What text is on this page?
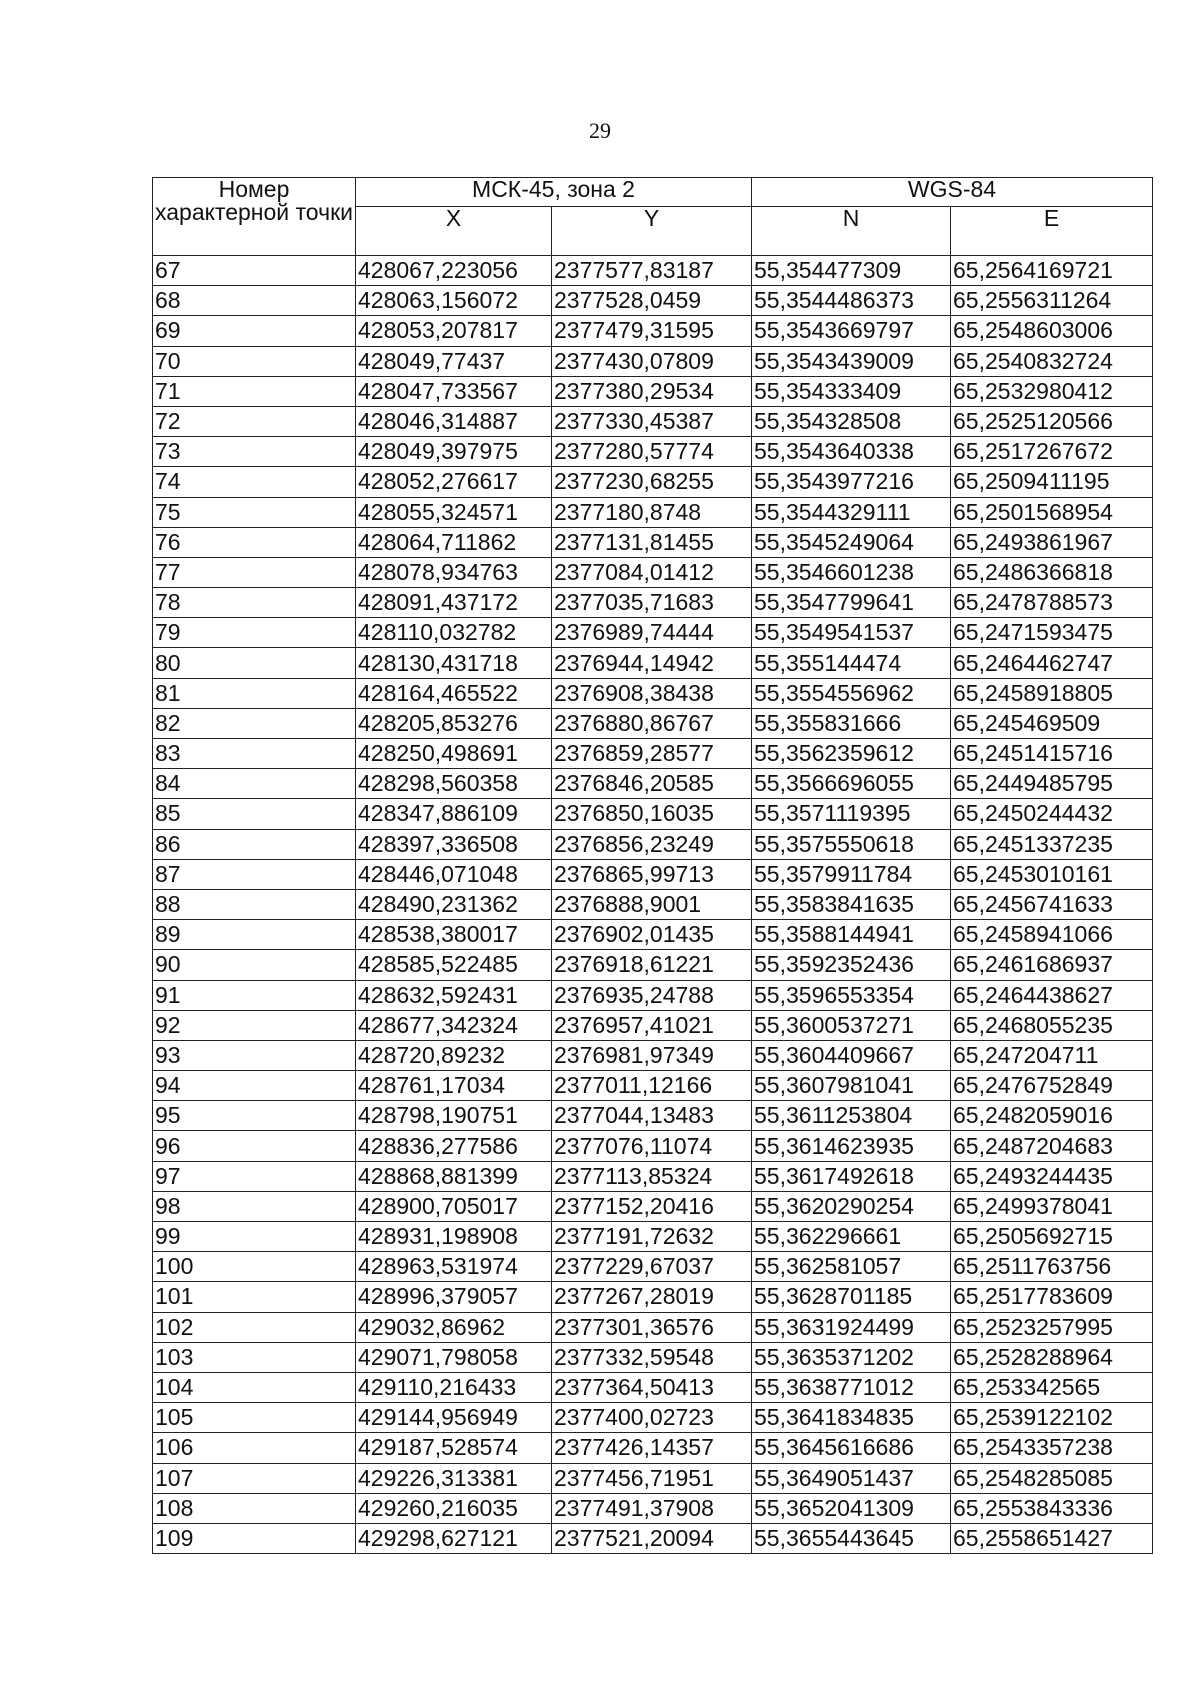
29
Номер характерной точки	МСК-45, зона 2		WGS-84	
	X	Y	N	E
67	428067,223056	2377577,83187	55,354477309	65,2564169721
68	428063,156072	2377528,0459	55,3544486373	65,2556311264
69	428053,207817	2377479,31595	55,3543669797	65,2548603006
70	428049,77437	2377430,07809	55,3543439009	65,2540832724
71	428047,733567	2377380,29534	55,354333409	65,2532980412
72	428046,314887	2377330,45387	55,354328508	65,2525120566
73	428049,397975	2377280,57774	55,3543640338	65,2517267672
74	428052,276617	2377230,68255	55,3543977216	65,2509411195
75	428055,324571	2377180,8748	55,3544329111	65,2501568954
76	428064,711862	2377131,81455	55,3545249064	65,2493861967
77	428078,934763	2377084,01412	55,3546601238	65,2486366818
78	428091,437172	2377035,71683	55,3547799641	65,2478788573
79	428110,032782	2376989,74444	55,3549541537	65,2471593475
80	428130,431718	2376944,14942	55,355144474	65,2464462747
81	428164,465522	2376908,38438	55,3554556962	65,2458918805
82	428205,853276	2376880,86767	55,355831666	65,245469509
83	428250,498691	2376859,28577	55,3562359612	65,2451415716
84	428298,560358	2376846,20585	55,3566696055	65,2449485795
85	428347,886109	2376850,16035	55,3571119395	65,2450244432
86	428397,336508	2376856,23249	55,3575550618	65,2451337235
87	428446,071048	2376865,99713	55,3579911784	65,2453010161
88	428490,231362	2376888,9001	55,3583841635	65,2456741633
89	428538,380017	2376902,01435	55,3588144941	65,2458941066
90	428585,522485	2376918,61221	55,3592352436	65,2461686937
91	428632,592431	2376935,24788	55,3596553354	65,2464438627
92	428677,342324	2376957,41021	55,3600537271	65,2468055235
93	428720,89232	2376981,97349	55,3604409667	65,247204711
94	428761,17034	2377011,12166	55,3607981041	65,2476752849
95	428798,190751	2377044,13483	55,3611253804	65,2482059016
96	428836,277586	2377076,11074	55,3614623935	65,2487204683
97	428868,881399	2377113,85324	55,3617492618	65,2493244435
98	428900,705017	2377152,20416	55,3620290254	65,2499378041
99	428931,198908	2377191,72632	55,362296661	65,2505692715
100	428963,531974	2377229,67037	55,362581057	65,2511763756
101	428996,379057	2377267,28019	55,3628701185	65,2517783609
102	429032,86962	2377301,36576	55,3631924499	65,2523257995
103	429071,798058	2377332,59548	55,3635371202	65,2528288964
104	429110,216433	2377364,50413	55,3638771012	65,253342565
105	429144,956949	2377400,02723	55,3641834835	65,2539122102
106	429187,528574	2377426,14357	55,3645616686	65,2543357238
107	429226,313381	2377456,71951	55,3649051437	65,2548285085
108	429260,216035	2377491,37908	55,3652041309	65,2553843336
109	429298,627121	2377521,20094	55,3655443645	65,2558651427
